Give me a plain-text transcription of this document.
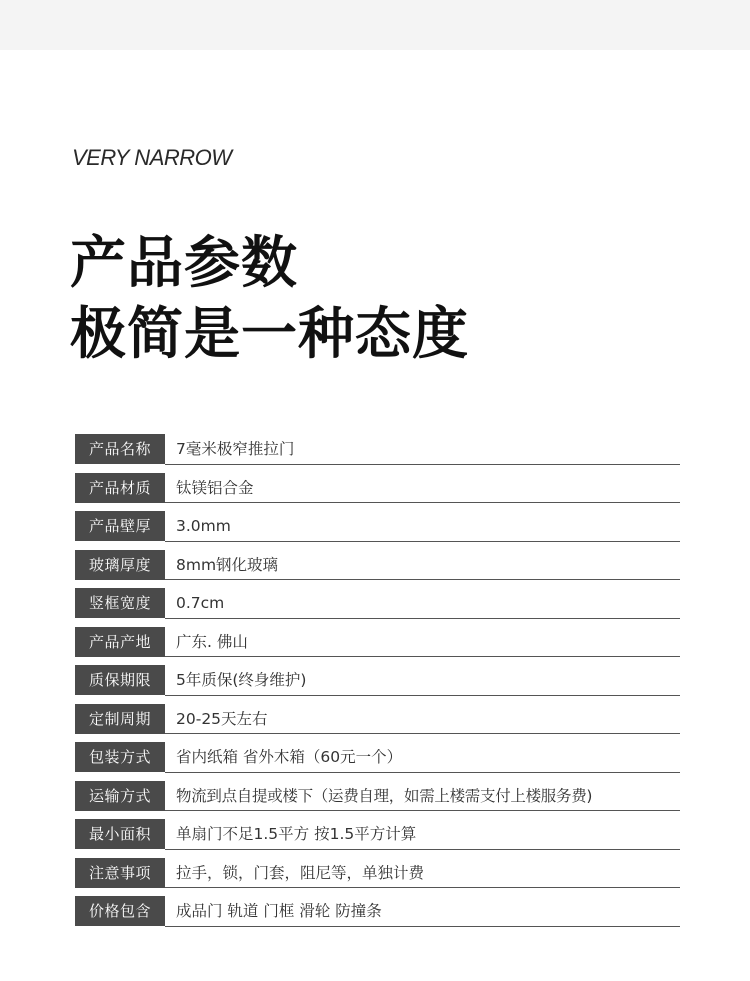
VERY NARROW
产品参数
极简是一种态度
产品名称	7毫米极窄推拉门
产品材质	钛镁铝合金
产品壁厚	3.0mm
玻璃厚度	8mm钢化玻璃
竖框宽度	0.7cm
产品产地	广东. 佛山
质保期限	5年质保(终身维护)
定制周期	20-25天左右
包装方式	省内纸箱 省外木箱（60元一个）
运输方式	物流到点自提或楼下（运费自理，如需上楼需支付上楼服务费)
最小面积	单扇门不足1.5平方 按1.5平方计算
注意事项	拉手，锁，门套，阻尼等，单独计费
价格包含	成品门 轨道 门框 滑轮 防撞条
